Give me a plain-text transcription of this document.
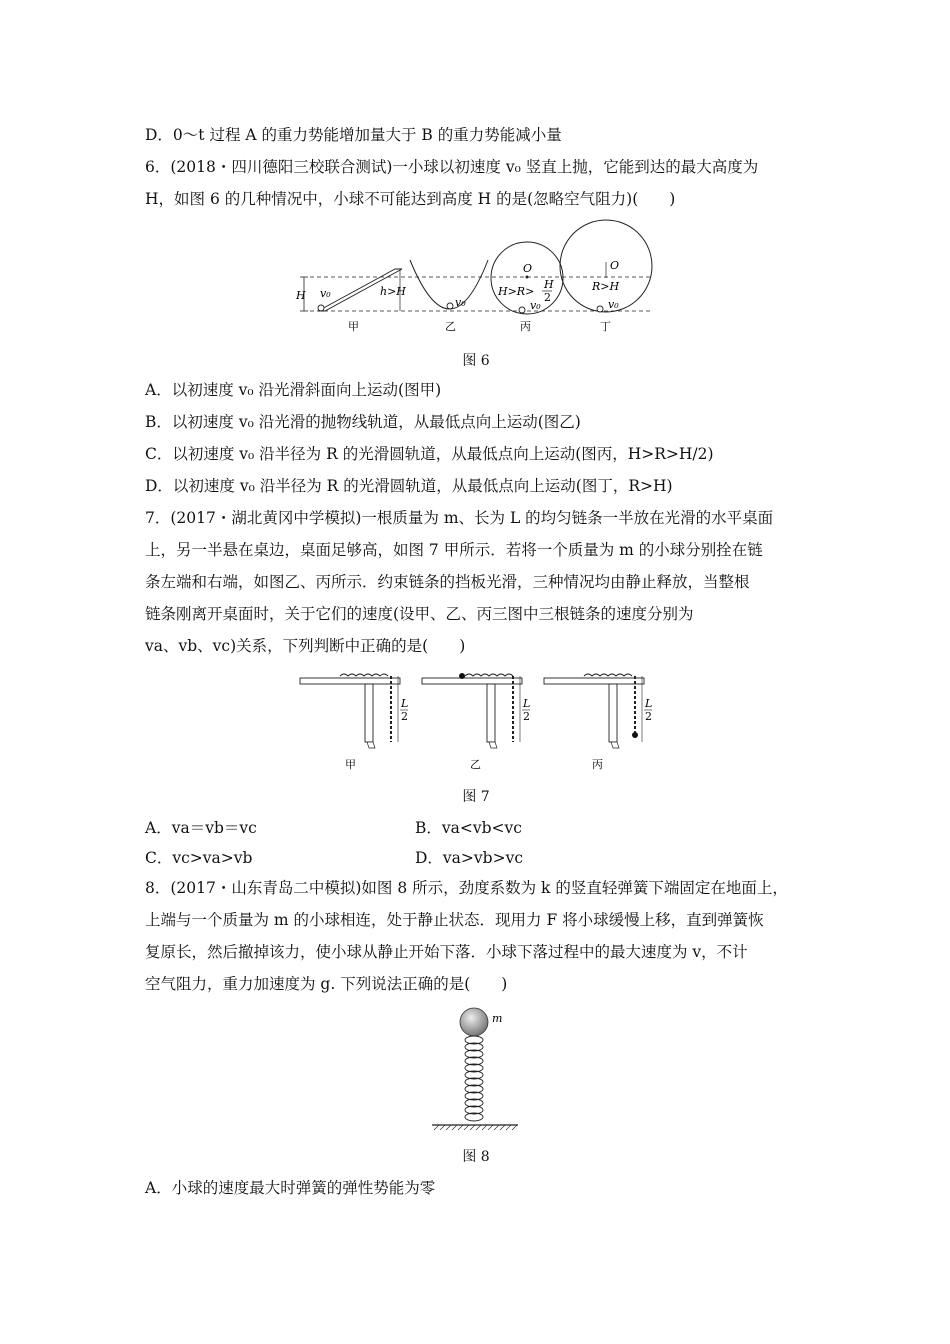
D．0～t 过程 A 的重力势能增加量大于 B 的重力势能减小量
6．(2018・四川德阳三校联合测试)一小球以初速度 v₀ 竖直上抛，它能到达的最大高度为
H，如图 6 的几种情况中，小球不可能达到高度 H 的是(忽略空气阻力)(　　)
H v₀	h>H
v₀
O
H>R>
H
2
v₀
O
R>H
v₀
甲	乙	丙	丁
图 6
A．以初速度 v₀ 沿光滑斜面向上运动(图甲)
B．以初速度 v₀ 沿光滑的抛物线轨道，从最低点向上运动(图乙)
C．以初速度 v₀ 沿半径为 R 的光滑圆轨道，从最低点向上运动(图丙，H>R>H/2)
D．以初速度 v₀ 沿半径为 R 的光滑圆轨道，从最低点向上运动(图丁，R>H)
7．(2017・湖北黄冈中学模拟)一根质量为 m、长为 L 的均匀链条一半放在光滑的水平桌面
上，另一半悬在桌边，桌面足够高，如图 7 甲所示．若将一个质量为 m 的小球分别拴在链
条左端和右端，如图乙、丙所示．约束链条的挡板光滑，三种情况均由静止释放，当整根
链条刚离开桌面时，关于它们的速度(设甲、乙、丙三图中三根链条的速度分别为
va、vb、vc)关系，下列判断中正确的是(　　)
L
2
甲
L
2
乙
L
2
丙
图 7
A．va＝vb＝vc	B．va<vb<vc
C．vc>va>vb	D．va>vb>vc
8．(2017・山东青岛二中模拟)如图 8 所示，劲度系数为 k 的竖直轻弹簧下端固定在地面上，
上端与一个质量为 m 的小球相连，处于静止状态．现用力 F 将小球缓慢上移，直到弹簧恢
复原长，然后撤掉该力，使小球从静止开始下落．小球下落过程中的最大速度为 v，不计
空气阻力，重力加速度为 g. 下列说法正确的是(　　)
m
图 8
A．小球的速度最大时弹簧的弹性势能为零
